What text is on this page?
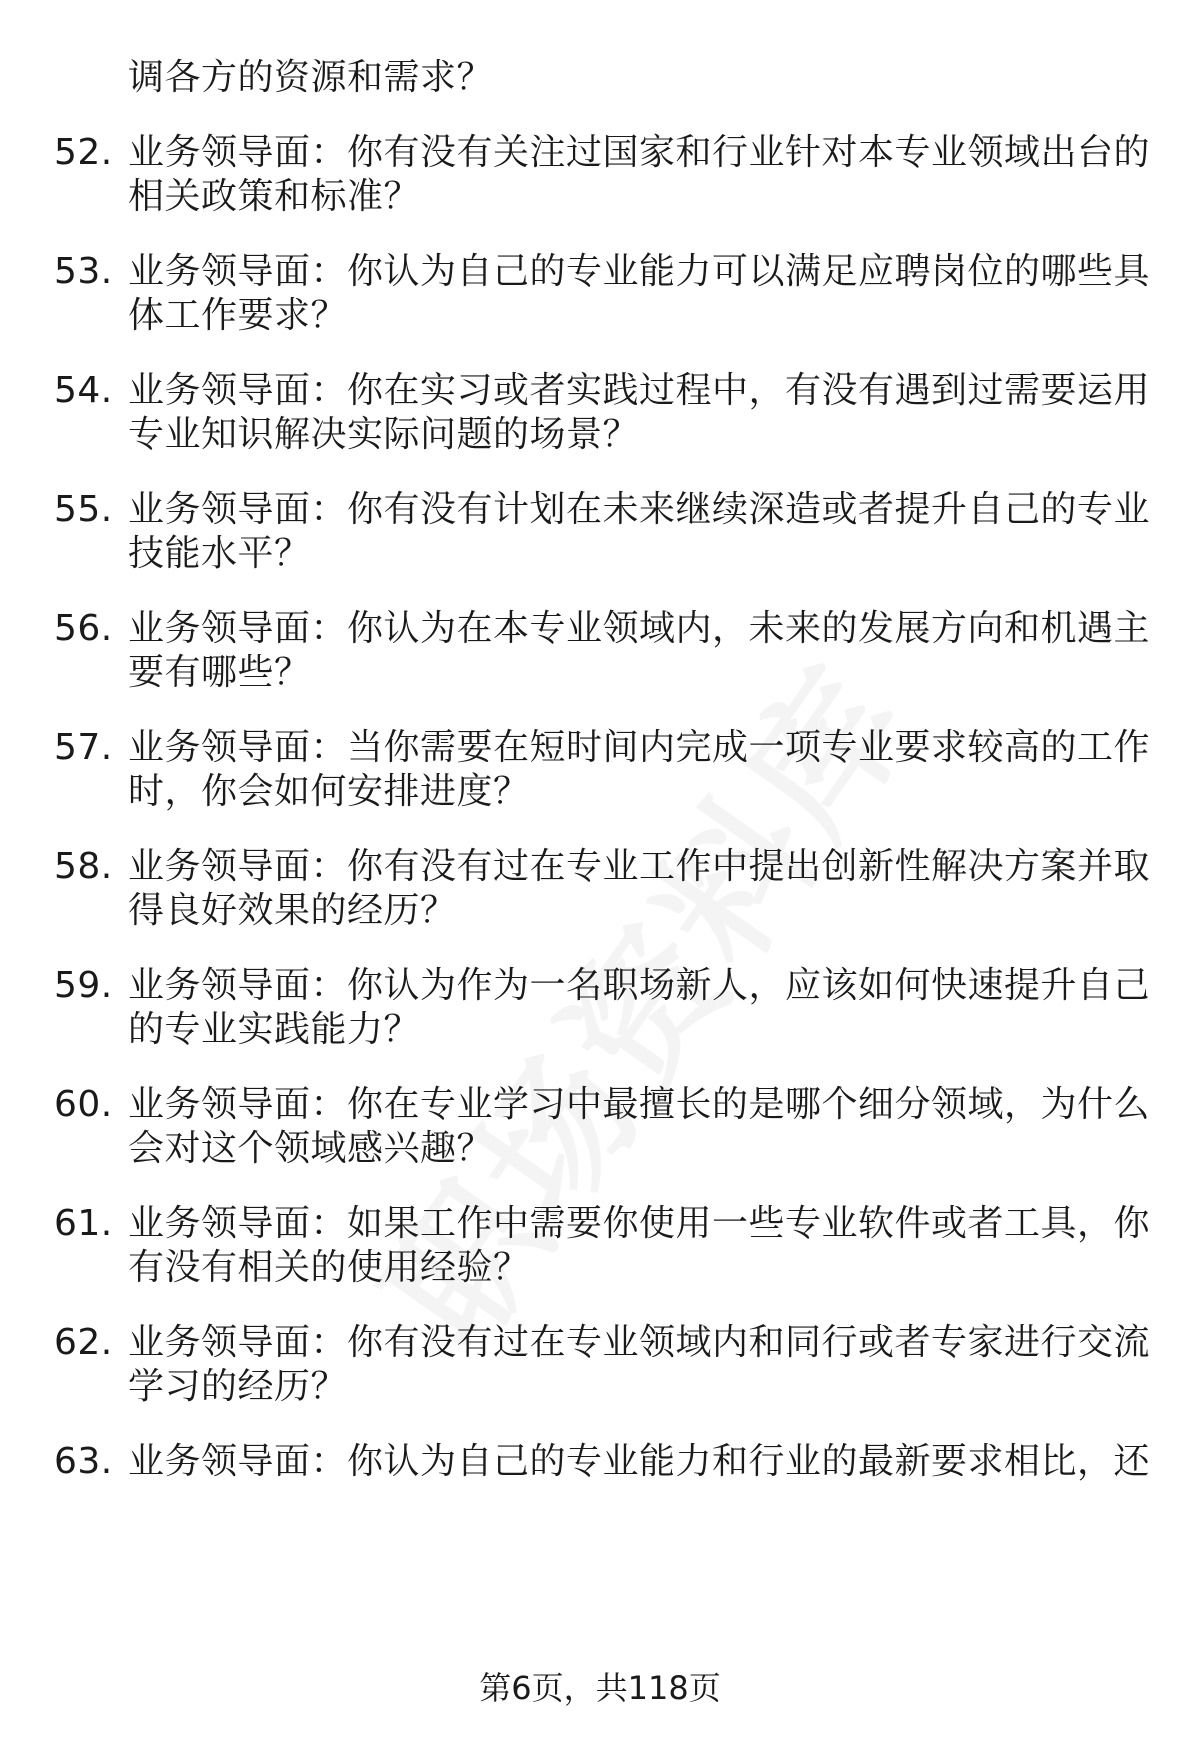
调各方的资源和需求？

52. 业务领导面：你有没有关注过国家和行业针对本专业领域出台的

相关政策和标准？

53. 业务领导面：你认为自己的专业能力可以满足应聘岗位的哪些具

体工作要求？

54. 业务领导面：你在实习或者实践过程中，有没有遇到过需要运用

专业知识解决实际问题的场景？

55. 业务领导面：你有没有计划在未来继续深造或者提升自己的专业

技能水平？

56. 业务领导面：你认为在本专业领域内，未来的发展方向和机遇主

要有哪些？

57. 业务领导面：当你需要在短时间内完成一项专业要求较高的工作

时，你会如何安排进度？

58. 业务领导面：你有没有过在专业工作中提出创新性解决方案并取

得良好效果的经历？

59. 业务领导面：你认为作为一名职场新人，应该如何快速提升自己

的专业实践能力？

60. 业务领导面：你在专业学习中最擅长的是哪个细分领域，为什么

会对这个领域感兴趣？

61. 业务领导面：如果工作中需要你使用一些专业软件或者工具，你

有没有相关的使用经验？

62. 业务领导面：你有没有过在专业领域内和同行或者专家进行交流

学习的经历？

63. 业务领导面：你认为自己的专业能力和行业的最新要求相比，还

第6页，共118页
